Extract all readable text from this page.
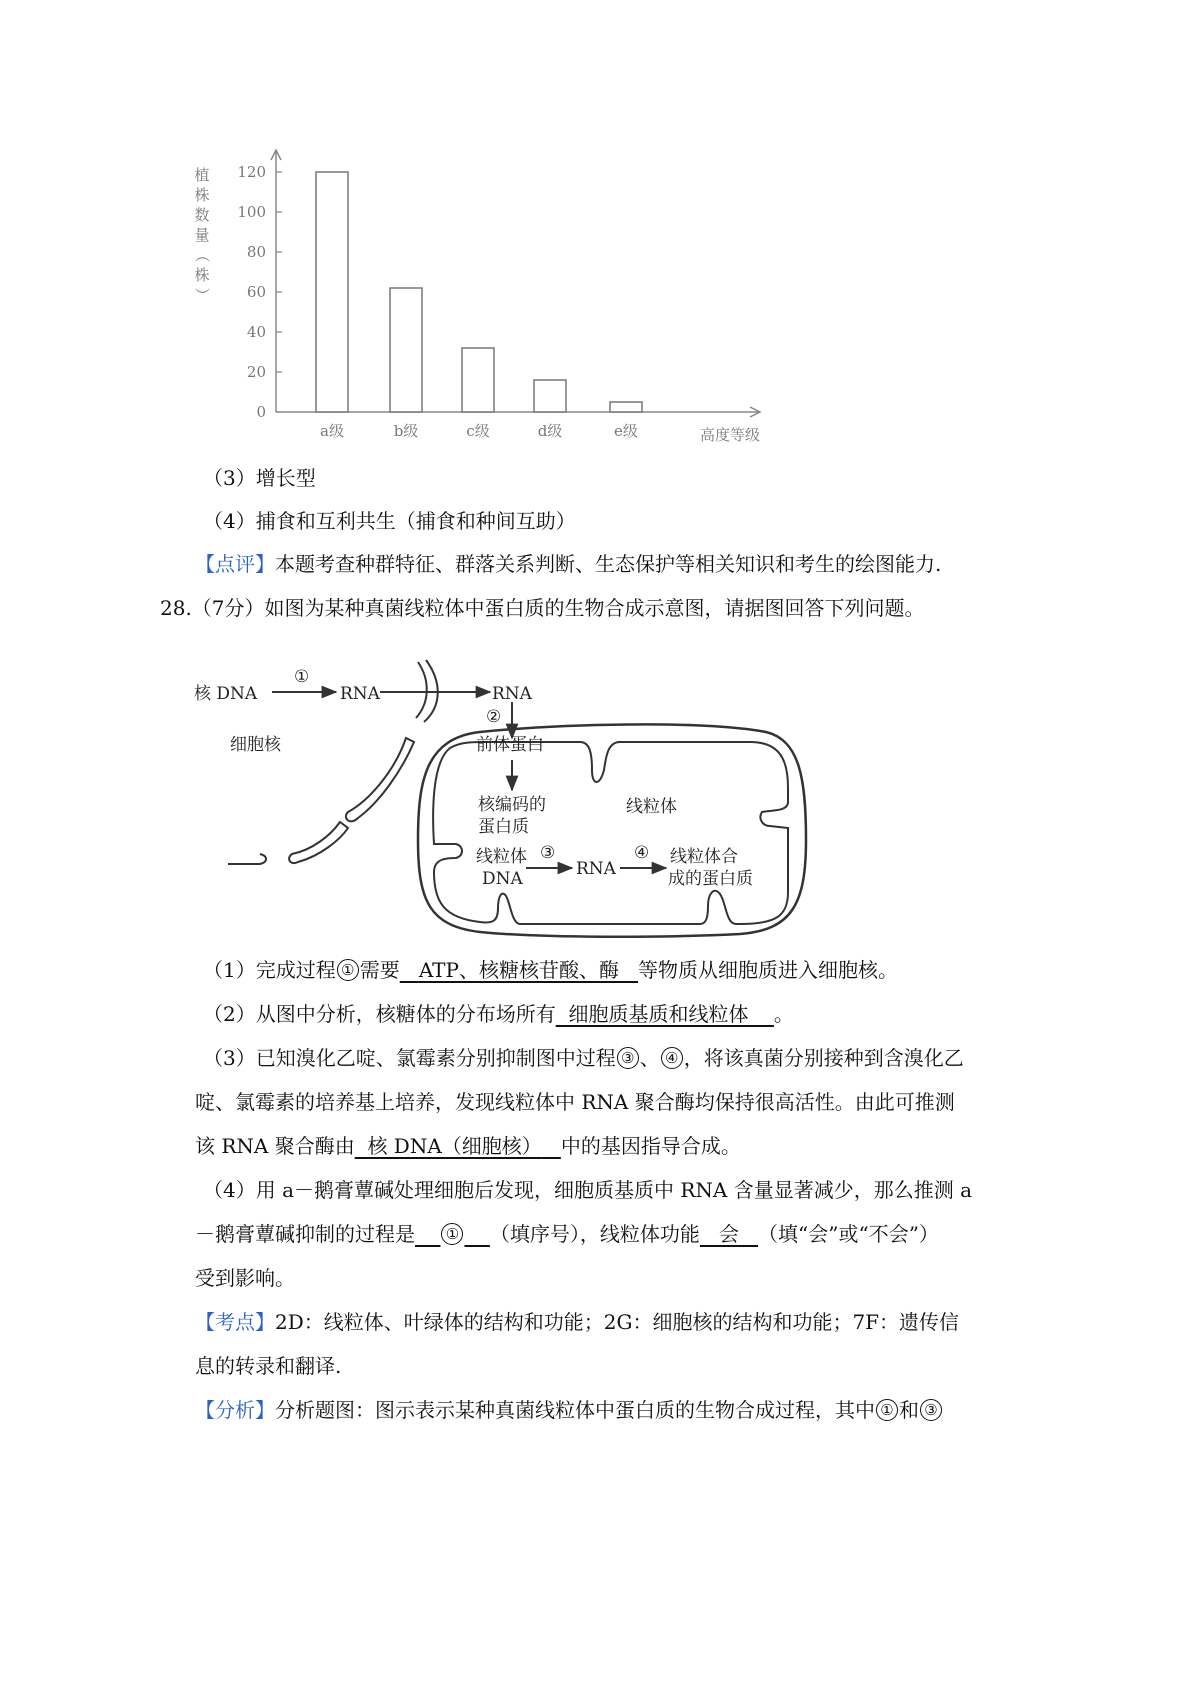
0
20
40
60
80
100
120
植
株
数
量
（
株
）
a级	b级	c级	d级	e级	高度等级
（3）增长型
（4）捕食和互利共生（捕食和种间互助）
【点评】本题考查种群特征、群落关系判断、生态保护等相关知识和考生的绘图能力.
28.（7分）如图为某种真菌线粒体中蛋白质的生物合成示意图，请据图回答下列问题。
核 DNA
①
RNA	RNA
②
细胞核	前体蛋白
核编码的
蛋白质
线粒体
线粒体
DNA
③
RNA
④ 线粒体合
成的蛋白质
（1）完成过程 ① 需要 ATP、核糖核苷酸、酶 等物质从细胞质进入细胞核。
（2）从图中分析，核糖体的分布场所有 细胞质基质和线粒体 。
（3）已知溴化乙啶、氯霉素分别抑制图中过程 ③ 、 ④ ，将该真菌分别接种到含溴化乙
啶、氯霉素的培养基上培养，发现线粒体中 RNA 聚合酶均保持很高活性。由此可推测
该 RNA 聚合酶由 核 DNA（细胞核） 中的基因指导合成。
（4）用 a－鹅膏蕈碱处理细胞后发现，细胞质基质中 RNA 含量显著减少，那么推测 a
－鹅膏蕈碱抑制的过程是 ① （填序号），线粒体功能 会 （填“会”或“不会”）
受到影响。
【考点】2D：线粒体、叶绿体的结构和功能；2G：细胞核的结构和功能；7F：遗传信
息的转录和翻译.
【分析】分析题图：图示表示某种真菌线粒体中蛋白质的生物合成过程，其中 ① 和 ③
